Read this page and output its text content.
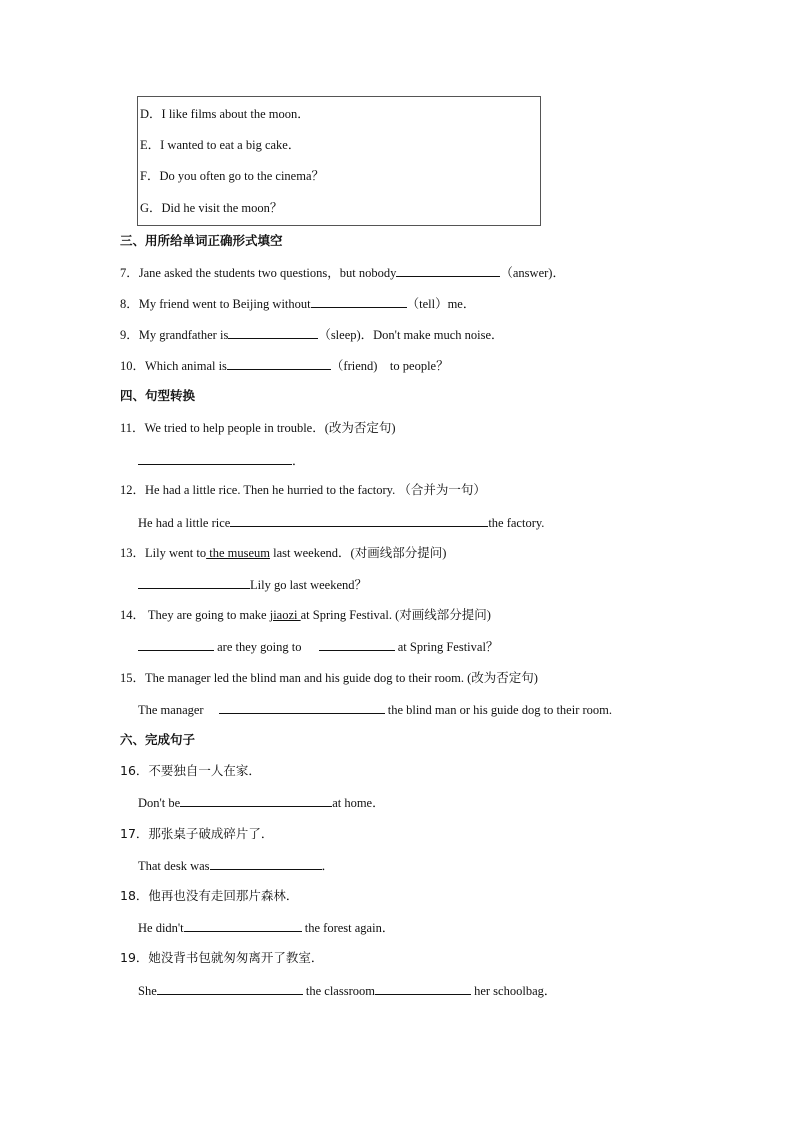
D．I like films about the moon．
E．I wanted to eat a big cake．
F．Do you often go to the cinema？
G．Did he visit the moon？
三、用所给单词正确形式填空
7．Jane asked the students two questions，but nobody	（answer)．
8．My friend went to Beijing without	（tell）me．
9．My grandfather is	（sleep)．Don't make much noise．
10．Which animal is	（friend)　to people？
四、句型转换
11．We tried to help people in trouble．(改为否定句)
．
12．He had a little rice. Then he hurried to the factory. （合并为一句）
He had a little rice	the factory.
13．Lily went to the museum last weekend．(对画线部分提问)
Lily go last weekend？
14． They are going to make jiaozi at Spring Festival. (对画线部分提问)
are they going to	at Spring Festival？
15．The manager led the blind man and his guide dog to their room. (改为否定句)
The manager	the blind man or his guide dog to their room.
六、完成句子
16．不要独自一人在家．
Don't be	at home．
17．那张桌子破成碎片了．
That desk was	．
18．他再也没有走回那片森林．
He didn't	the forest again．
19．她没背书包就匆匆离开了教室．
She	the classroom	her schoolbag．
